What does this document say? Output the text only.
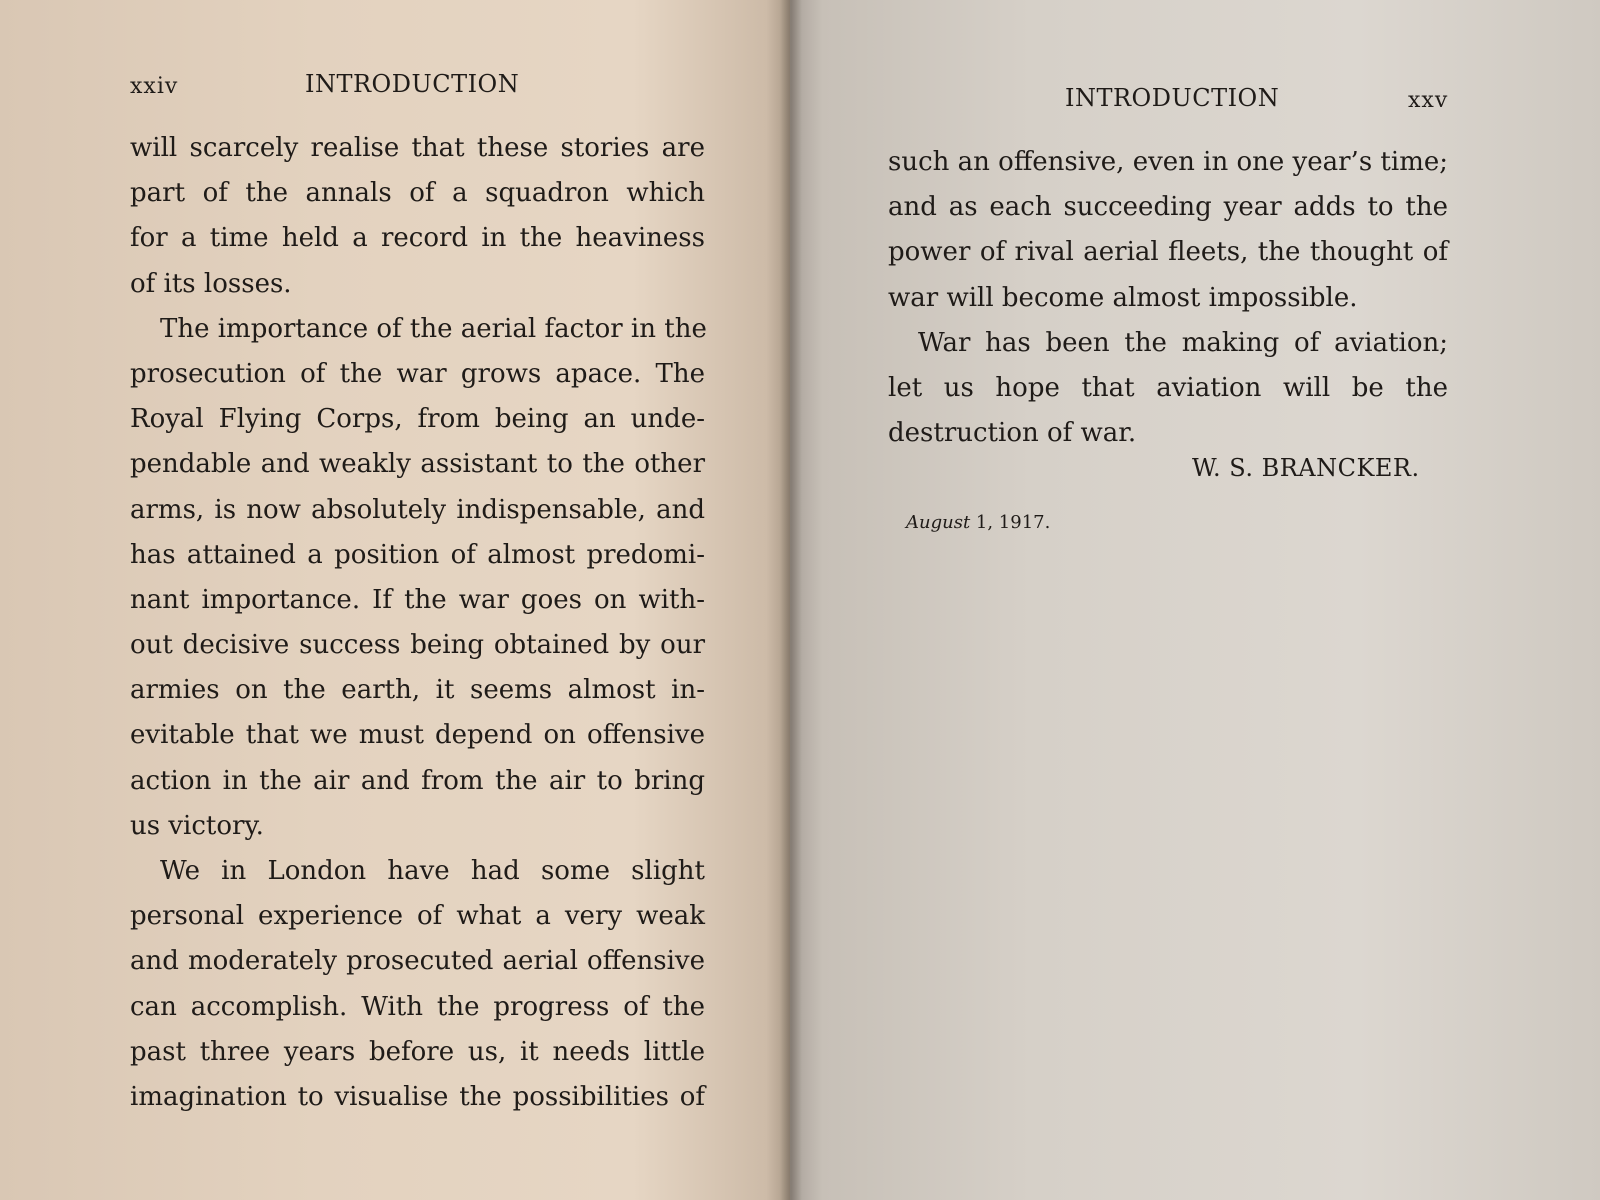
xxiv	INTRODUCTION
will scarcely realise that these stories are
part of the annals of a squadron which
for a time held a record in the heaviness
of its losses.
The importance of the aerial factor in the
prosecution of the war grows apace. The
Royal Flying Corps, from being an unde-
pendable and weakly assistant to the other
arms, is now absolutely indispensable, and
has attained a position of almost predomi-
nant importance. If the war goes on with-
out decisive success being obtained by our
armies on the earth, it seems almost in-
evitable that we must depend on offensive
action in the air and from the air to bring
us victory.
We in London have had some slight
personal experience of what a very weak
and moderately prosecuted aerial offensive
can accomplish. With the progress of the
past three years before us, it needs little
imagination to visualise the possibilities of
INTRODUCTION	xxv
such an offensive, even in one year’s time;
and as each succeeding year adds to the
power of rival aerial fleets, the thought of
war will become almost impossible.
War has been the making of aviation;
let us hope that aviation will be the
destruction of war.
W. S. BRANCKER.
August 1, 1917.
